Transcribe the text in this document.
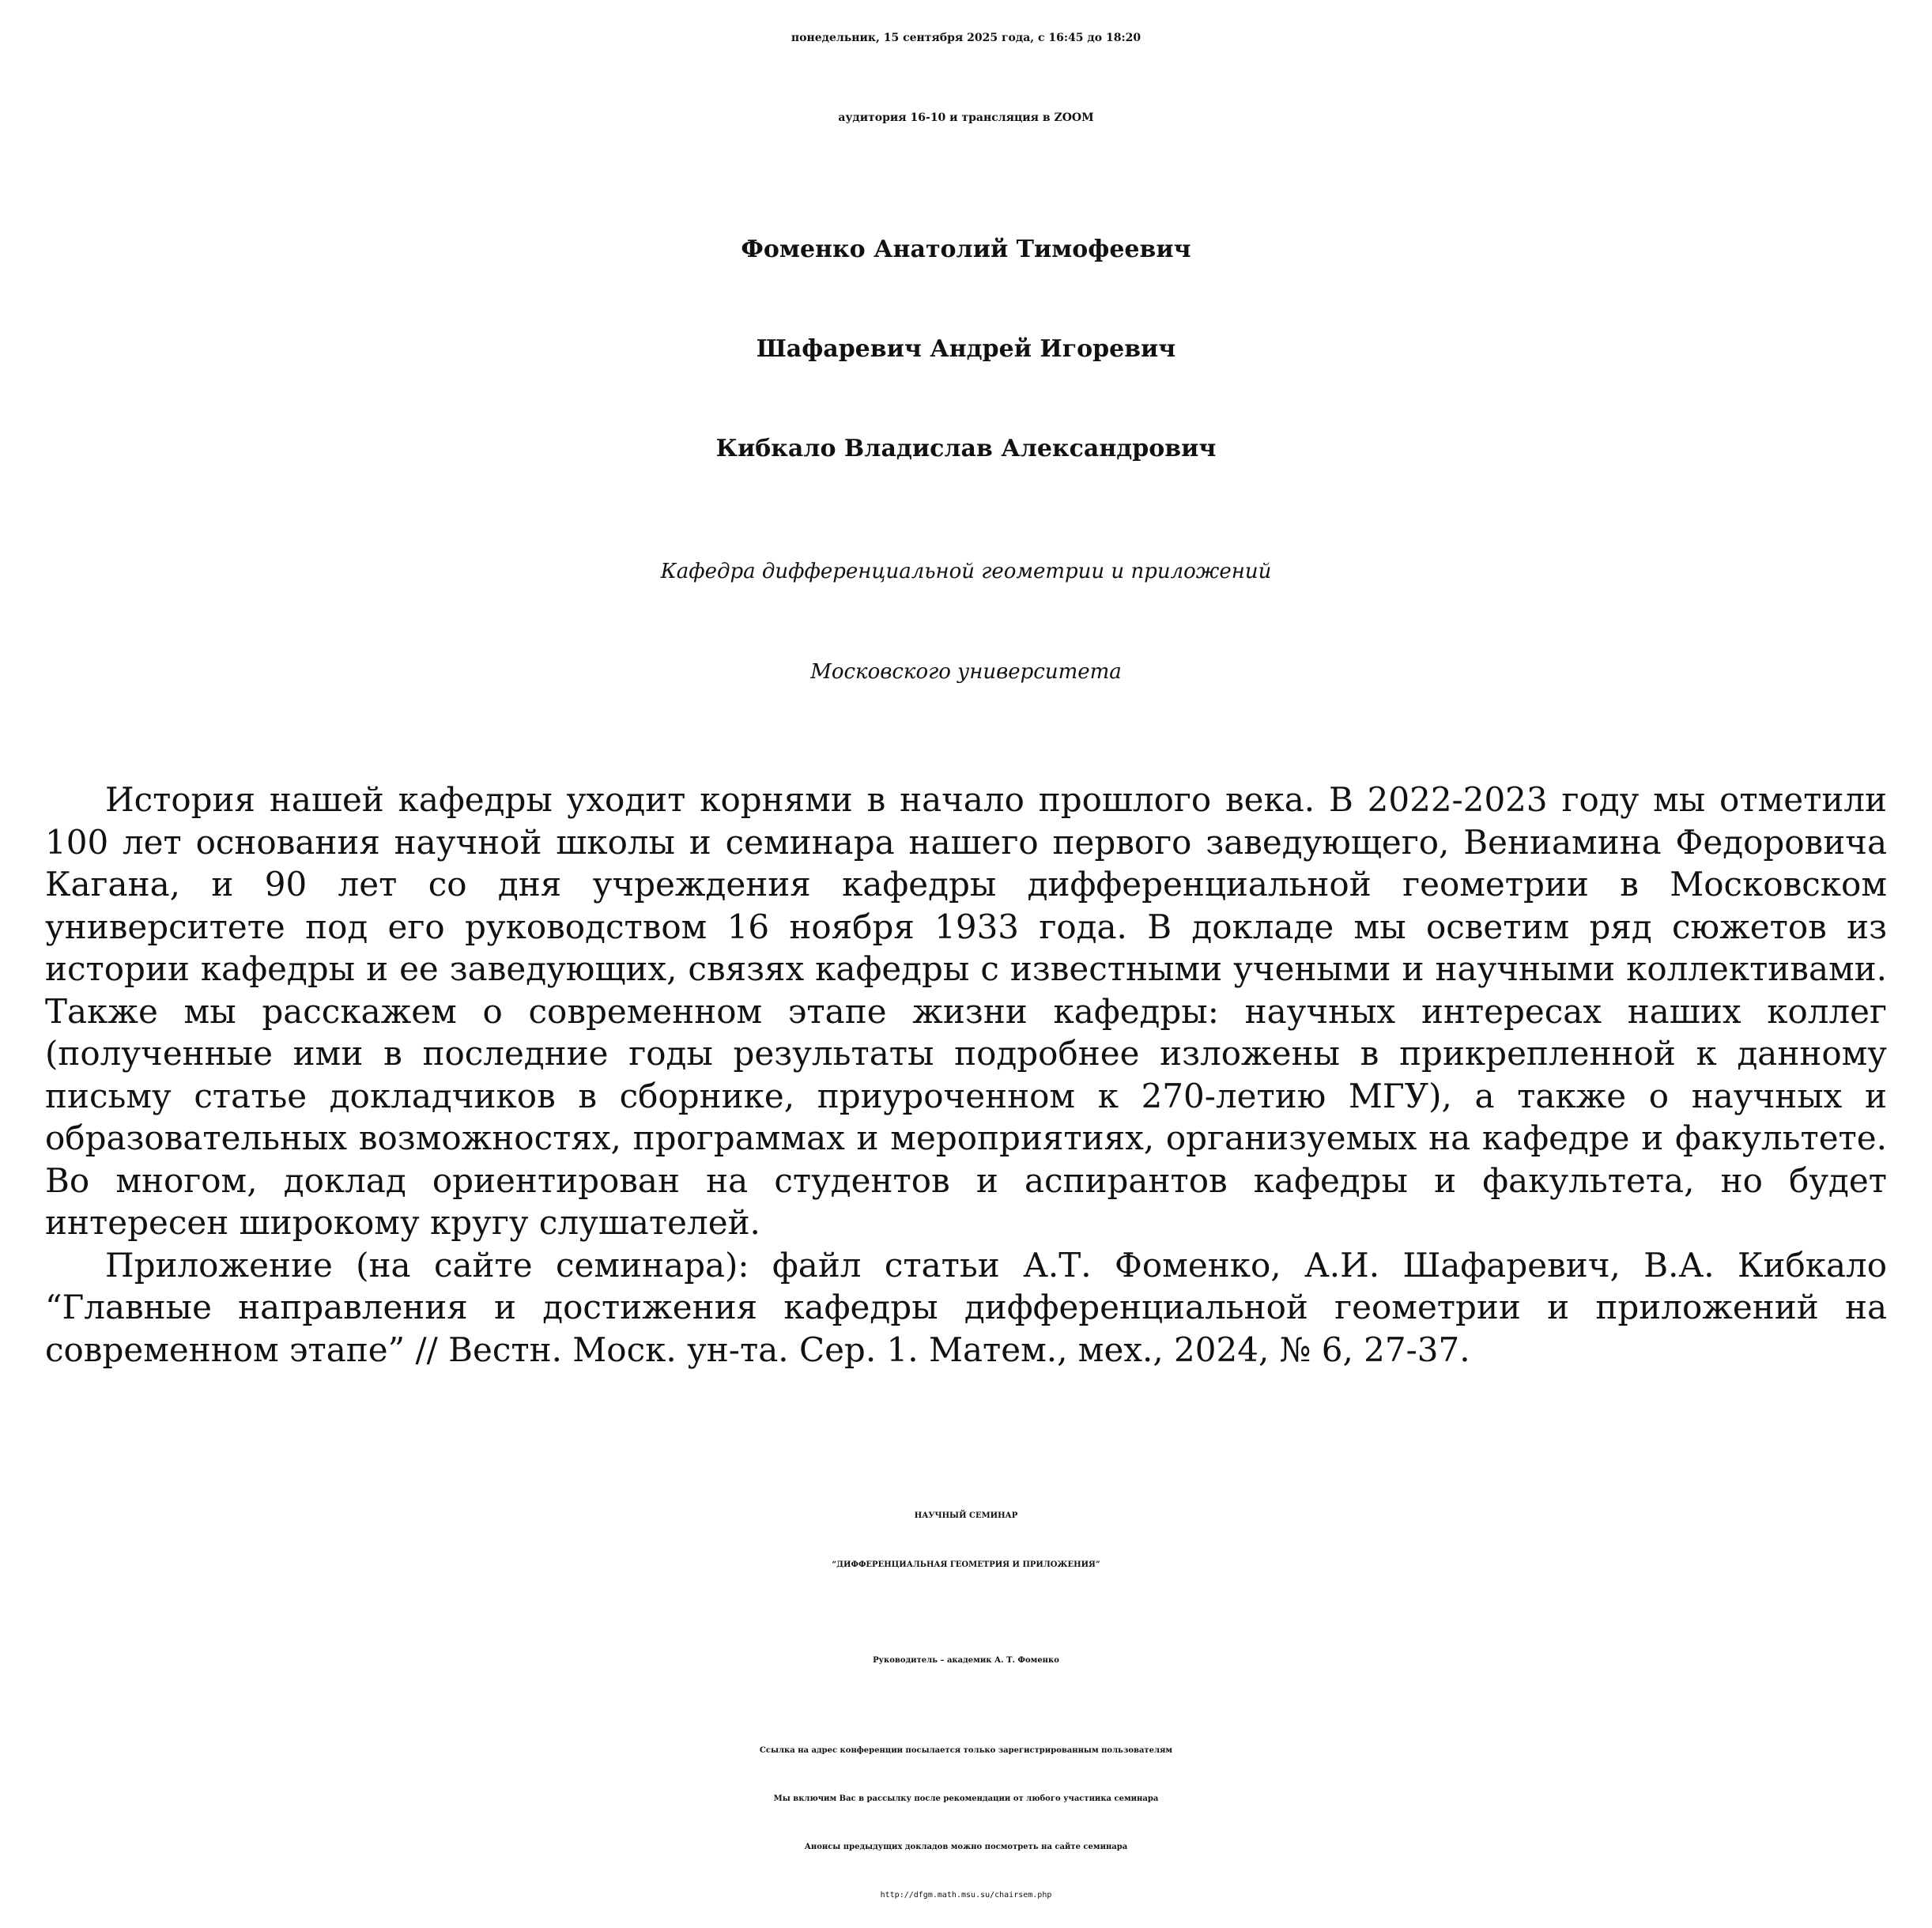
понедельник, 15 сентября 2025 года, с 16:45 до 18:20
аудитория 16-10 и трансляция в ZOOM
Фоменко Анатолий Тимофеевич
Шафаревич Андрей Игоревич
Кибкало Владислав Александрович
Кафедра дифференциальной геометрии и приложений
Московского университета

История нашей кафедры уходит корнями в начало прошлого века. В 2022-2023 году мы отметили 100 лет основания научной школы и семинара нашего первого заведующего, Вениамина Федоровича Кагана, и 90 лет со дня учреждения кафедры дифференциальной геометрии в Московском университете под его руководством 16 ноября 1933 года. В докладе мы осветим ряд сюжетов из истории кафедры и ее заведующих, связях кафедры с известными учеными и научными коллективами. Также мы расскажем о современном этапе жизни кафедры: научных интересах наших коллег (полученные ими в последние годы результаты подробнее изложены в прикрепленной к данному письму статье докладчиков в сборнике, приуроченном к 270-летию МГУ), а также о научных и образовательных возможностях, программах и мероприятиях, организуемых на кафедре и факультете. Во многом, доклад ориентирован на студентов и аспирантов кафедры и факультета, но будет интересен широкому кругу слушателей.

Приложение (на сайте семинара): файл статьи А.Т. Фоменко, А.И. Шафаревич, В.А. Кибкало “Главные направления и достижения кафедры дифференциальной геометрии и приложений на современном этапе” // Вестн. Моск. ун-та. Сер. 1. Матем., мех., 2024, № 6, 27-37.

НАУЧНЫЙ СЕМИНАР
“ДИФФЕРЕНЦИАЛЬНАЯ ГЕОМЕТРИЯ И ПРИЛОЖЕНИЯ”
Руководитель – академик А. Т. Фоменко
Ссылка на адрес конференции посылается только зарегистрированным пользователям
Мы включим Вас в рассылку после рекомендации от любого участника семинара
Анонсы предыдущих докладов можно посмотреть на сайте семинара
http://dfgm.math.msu.su/chairsem.php
